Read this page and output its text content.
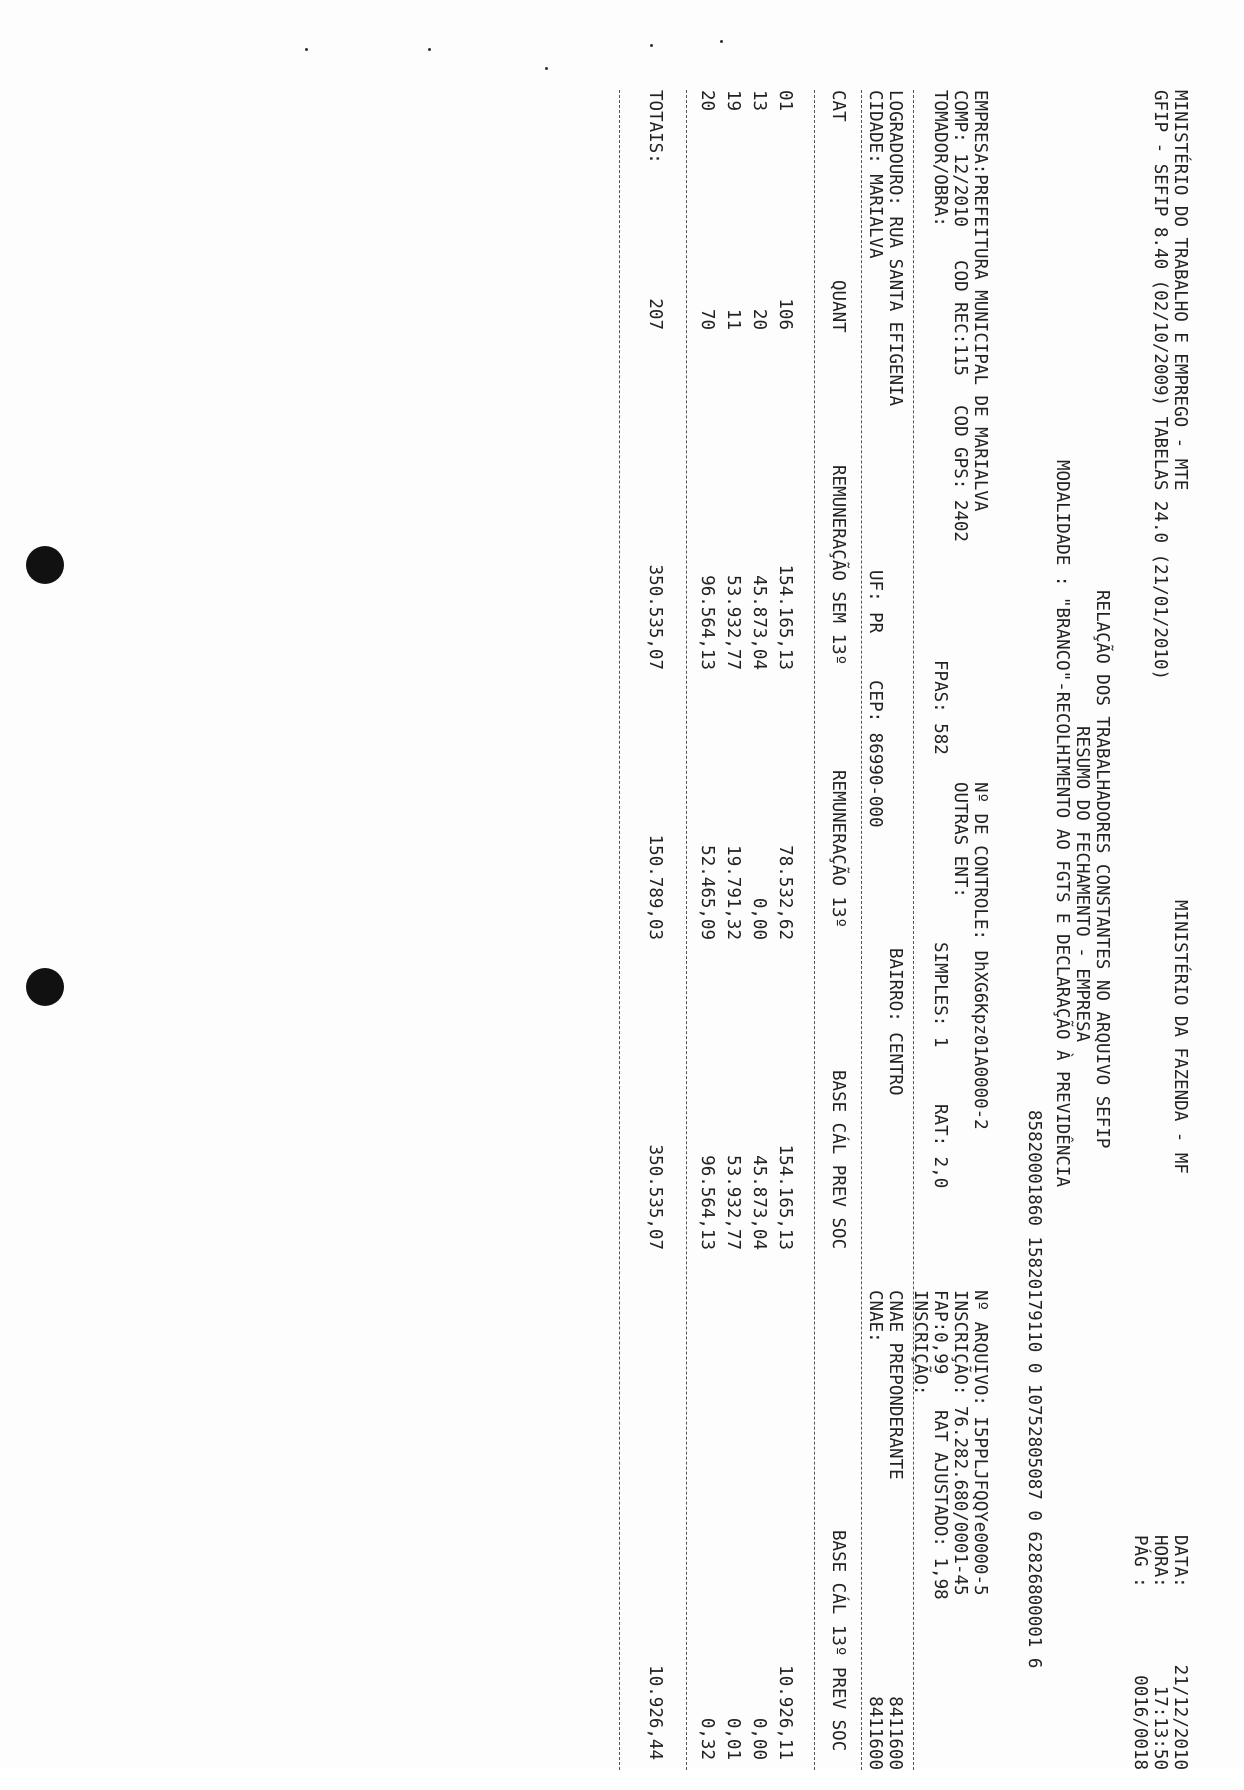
MINISTÉRIO DO TRABALHO E EMPREGO - MTE
MINISTÉRIO DA FAZENDA - MF
DATA:
21/12/2010
GFIP - SEFIP 8.40 (02/10/2009) TABELAS 24.0 (21/01/2010)
HORA:
17:13:50
PÁG :
0016/0018
RELAÇÃO DOS TRABALHADORES CONSTANTES NO ARQUIVO SEFIP
RESUMO DO FECHAMENTO - EMPRESA
MODALIDADE : "BRANCO"-RECOLHIMENTO AO FGTS E DECLARAÇÃO À PREVIDÊNCIA
85820001860 15820179110 0 10752805087 0 62826800001 6
EMPRESA:PREFEITURA MUNICIPAL DE MARIALVA
Nº DE CONTROLE: DhXG6Kpz01A0000-2
Nº ARQUIVO: I5PPLJFQQYe0000-5
COMP: 12/2010
COD REC:115
COD GPS: 2402
OUTRAS ENT:
INSCRIÇÃO: 76.282.680/0001-45
TOMADOR/OBRA:
FPAS: 582
SIMPLES: 1
RAT: 2,0
FAP:0,99
RAT AJUSTADO: 1,98
INSCRIÇÃO:
LOGRADOURO: RUA SANTA EFIGENIA
BAIRRO: CENTRO
CNAE PREPONDERANTE
8411600
CIDADE: MARIALVA
UF: PR
CEP: 86990-000
CNAE:
8411600
CAT
QUANT
REMUNERAÇÃO SEM 13º
REMUNERAÇÃO 13º
BASE CÁL PREV SOC
BASE CÁL 13º PREV SOC
01
106
154.165,13
78.532,62
154.165,13
10.926,11
13
20
45.873,04
0,00
45.873,04
0,00
19
11
53.932,77
19.791,32
53.932,77
0,01
20
70
96.564,13
52.465,09
96.564,13
0,32
TOTAIS:
207
350.535,07
150.789,03
350.535,07
10.926,44
